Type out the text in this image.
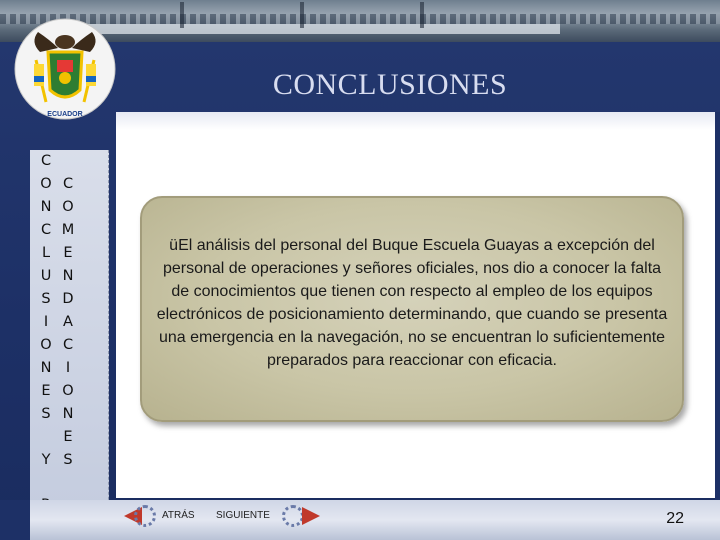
ECUADOR
CONCLUSIONES
C
O
N
C
L
U
S
I
O
N
E
S
Y
C
O
M
E
N
D
A
C
I
O
N
E
S

üEl análisis del personal del Buque Escuela Guayas a excepción del personal de operaciones y señores oficiales, nos dio a conocer la falta de conocimientos que tienen con respecto al empleo de los equipos electrónicos de posicionamiento determinando, que cuando se presenta una emergencia en la navegación, no se encuentran lo suficientemente preparados para reaccionar con eficacia.

ATRÁS SIGUIENTE	22
